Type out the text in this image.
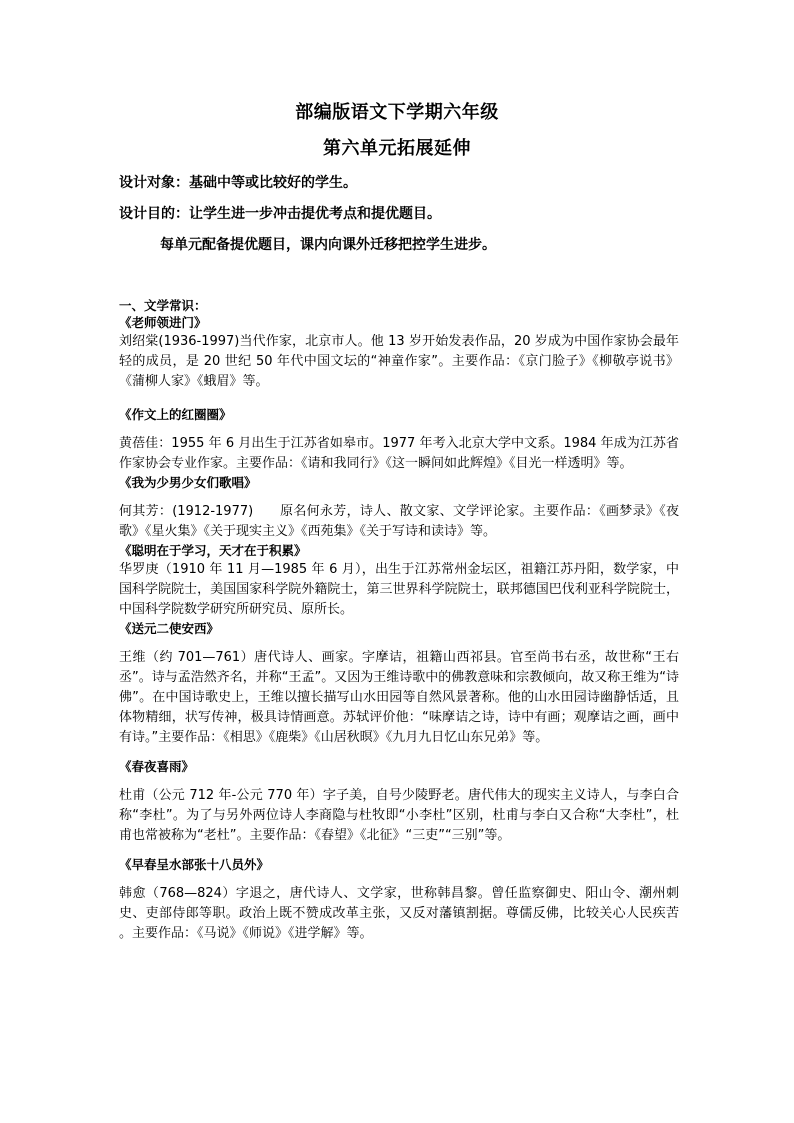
部编版语文下学期六年级
第六单元拓展延伸
设计对象：基础中等或比较好的学生。
设计目的：让学生进一步冲击提优考点和提优题目。
每单元配备提优题目，课内向课外迁移把控学生进步。
一、文学常识：
《老师领进门》

刘绍棠(1936-1997)当代作家，北京市人。他 13 岁开始发表作品，20 岁成为中国作家协会最年轻的成员，是 20 世纪 50 年代中国文坛的“神童作家”。主要作品：《京门脸子》《柳敬亭说书》《蒲柳人家》《蛾眉》等。

《作文上的红圈圈》

黄蓓佳：1955 年 6 月出生于江苏省如皋市。1977 年考入北京大学中文系。1984 年成为江苏省作家协会专业作家。主要作品：《请和我同行》《这一瞬间如此辉煌》《目光一样透明》等。

《我为少男少女们歌唱》

何其芳：(1912-1977)　　原名何永芳，诗人、散文家、文学评论家。主要作品：《画梦录》《夜歌》《星火集》《关于现实主义》《西苑集》《关于写诗和读诗》等。

《聪明在于学习，天才在于积累》

华罗庚（1910 年 11 月—1985 年 6 月），出生于江苏常州金坛区，祖籍江苏丹阳，数学家，中国科学院院士，美国国家科学院外籍院士，第三世界科学院院士，联邦德国巴伐利亚科学院院士，中国科学院数学研究所研究员、原所长。

《送元二使安西》

王维（约 701—761）唐代诗人、画家。字摩诘，祖籍山西祁县。官至尚书右丞，故世称“王右丞”。诗与孟浩然齐名，并称“王孟”。又因为王维诗歌中的佛教意味和宗教倾向，故又称王维为“诗佛”。在中国诗歌史上，王维以擅长描写山水田园等自然风景著称。他的山水田园诗幽静恬适，且体物精细，状写传神，极具诗情画意。苏轼评价他：“味摩诘之诗，诗中有画；观摩诘之画，画中有诗。”主要作品：《相思》《鹿柴》《山居秋暝》《九月九日忆山东兄弟》等。

《春夜喜雨》

杜甫（公元 712 年-公元 770 年）字子美，自号少陵野老。唐代伟大的现实主义诗人，与李白合称“李杜”。为了与另外两位诗人李商隐与杜牧即“小李杜”区别，杜甫与李白又合称“大李杜”，杜甫也常被称为“老杜”。主要作品：《春望》《北征》“三吏”“三别”等。

《早春呈水部张十八员外》

韩愈（768—824）字退之，唐代诗人、文学家，世称韩昌黎。曾任监察御史、阳山令、潮州刺史、吏部侍郎等职。政治上既不赞成改革主张，又反对藩镇割据。尊儒反佛，比较关心人民疾苦 。主要作品：《马说》《师说》《进学解》等。
